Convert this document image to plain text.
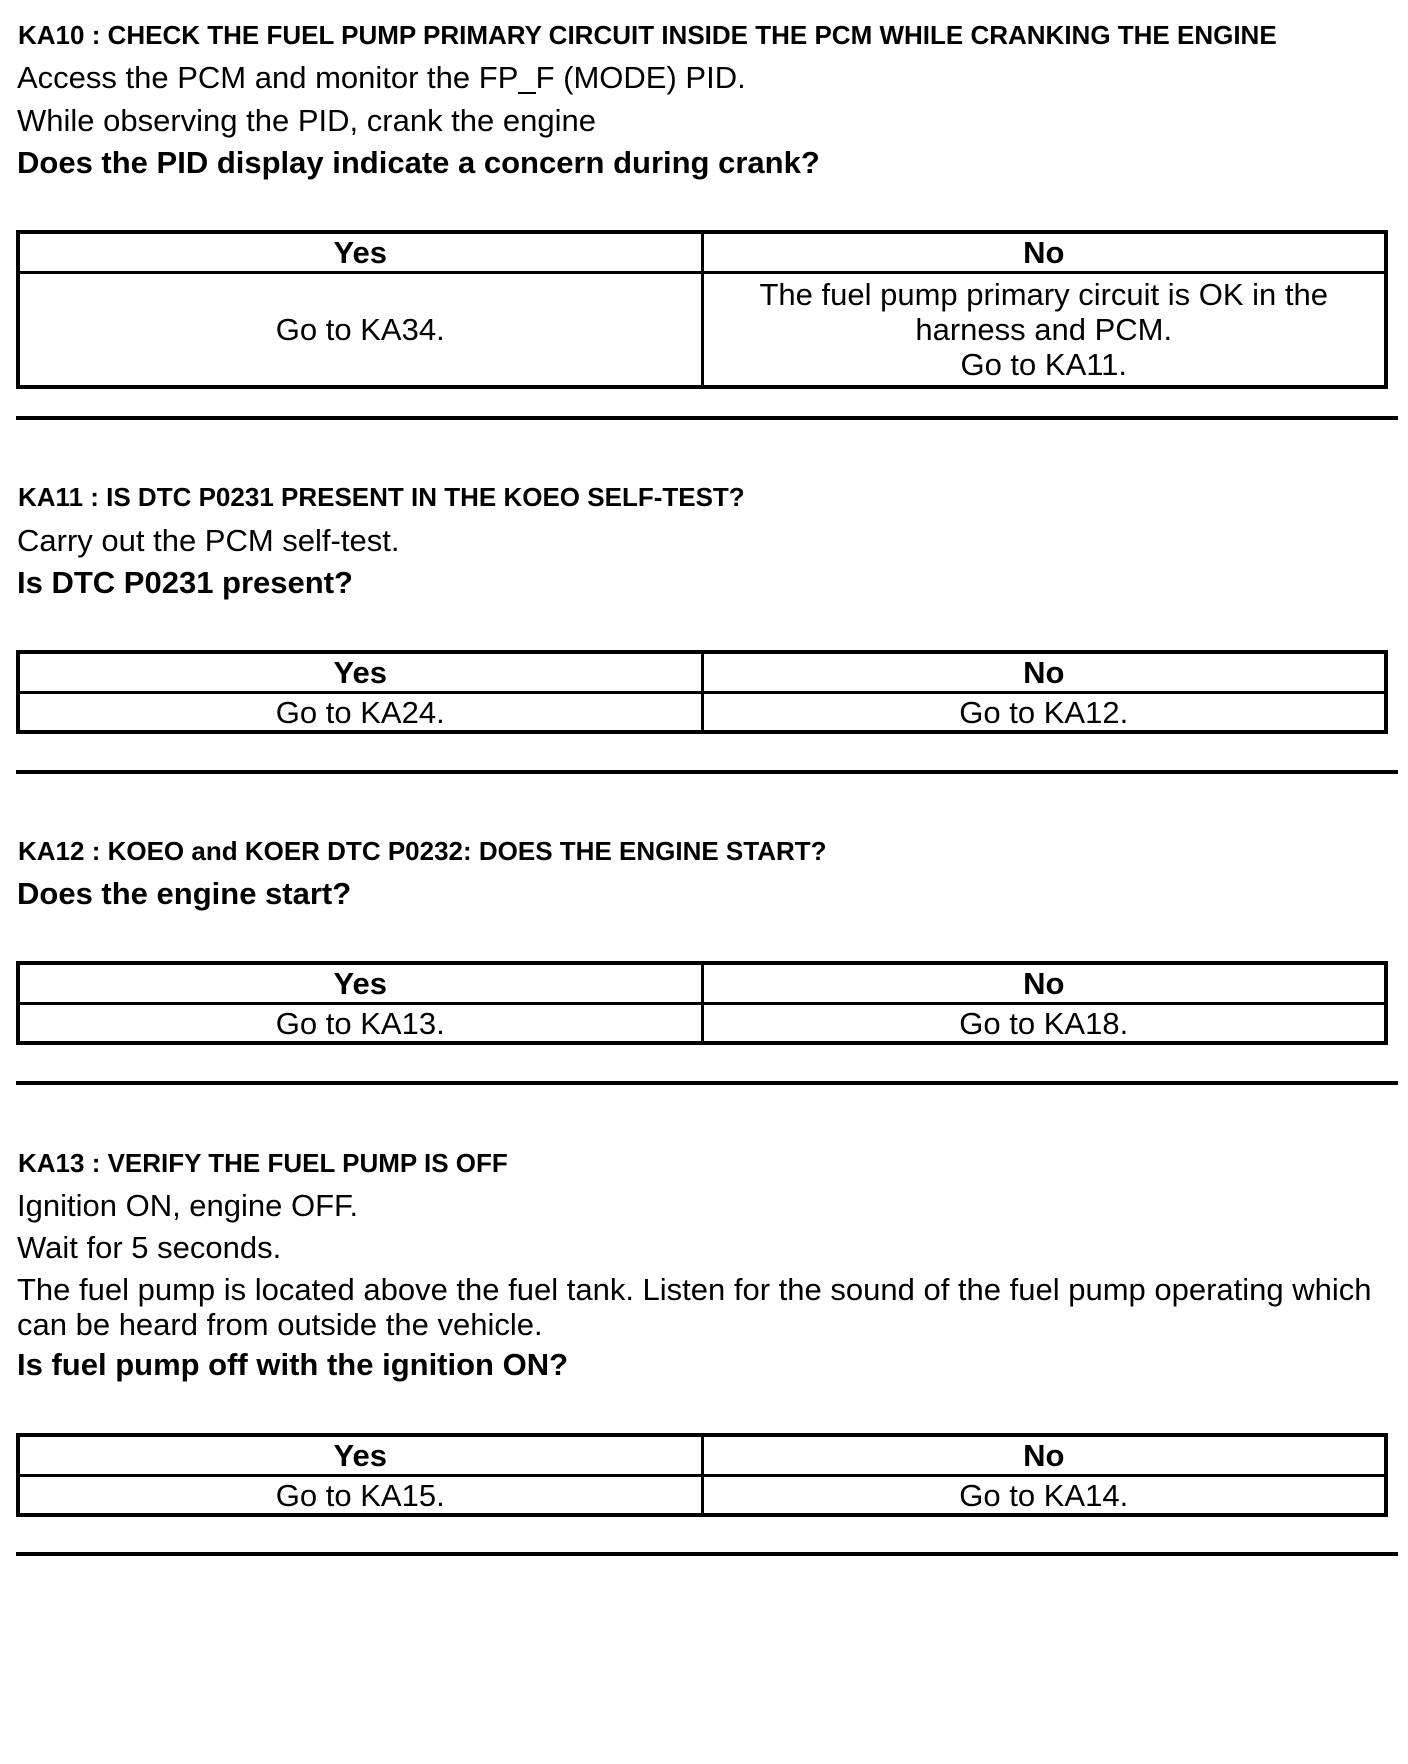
KA10 : CHECK THE FUEL PUMP PRIMARY CIRCUIT INSIDE THE PCM WHILE CRANKING THE ENGINE

Access the PCM and monitor the FP_F (MODE) PID.

While observing the PID, crank the engine

Does the PID display indicate a concern during crank?

Yes	No
Go to KA34.	The fuel pump primary circuit is OK in the
harness and PCM.
Go to KA11.
KA11 : IS DTC P0231 PRESENT IN THE KOEO SELF-TEST?

Carry out the PCM self-test.

Is DTC P0231 present?

Yes	No
Go to KA24.	Go to KA12.
KA12 : KOEO and KOER DTC P0232: DOES THE ENGINE START?

Does the engine start?

Yes	No
Go to KA13.	Go to KA18.
KA13 : VERIFY THE FUEL PUMP IS OFF

Ignition ON, engine OFF.

Wait for 5 seconds.

The fuel pump is located above the fuel tank. Listen for the sound of the fuel pump operating which can be heard from outside the vehicle.

Is fuel pump off with the ignition ON?

Yes	No
Go to KA15.	Go to KA14.
